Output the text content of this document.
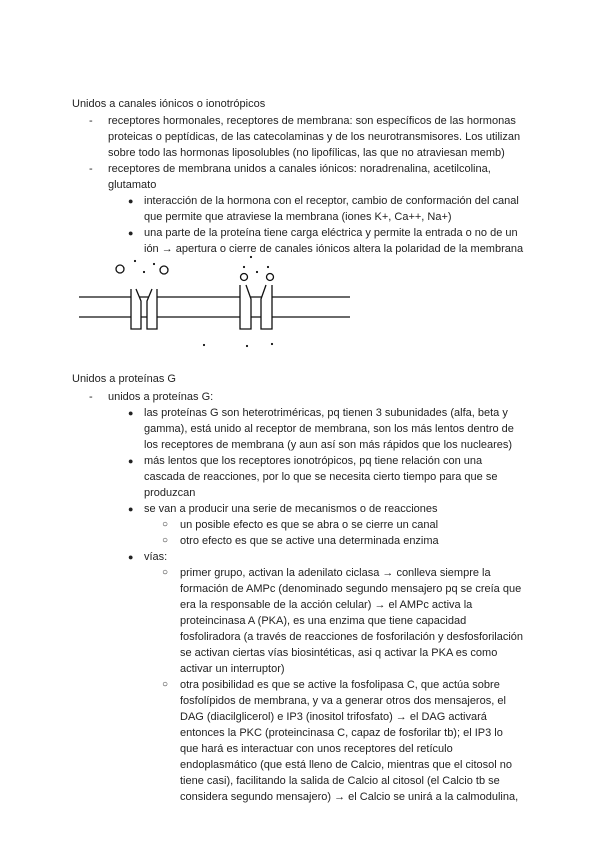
Unidos a canales iónicos o ionotrópicos
- receptores hormonales, receptores de membrana: son específicos de las hormonas
proteicas o peptídicas, de las catecolaminas y de los neurotransmisores. Los utilizan
sobre todo las hormonas liposolubles (no lipofílicas, las que no atraviesan memb)
- receptores de membrana unidos a canales iónicos: noradrenalina, acetilcolina,
glutamato
● interacción de la hormona con el receptor, cambio de conformación del canal
que permite que atraviese la membrana (iones K+, Ca++, Na+)
● una parte de la proteína tiene carga eléctrica y permite la entrada o no de un
ión → apertura o cierre de canales iónicos altera la polaridad de la membrana
Unidos a proteínas G
- unidos a proteínas G:
● las proteínas G son heterotriméricas, pq tienen 3 subunidades (alfa, beta y
gamma), está unido al receptor de membrana, son los más lentos dentro de
los receptores de membrana (y aun así son más rápidos que los nucleares)
● más lentos que los receptores ionotrópicos, pq tiene relación con una
cascada de reacciones, por lo que se necesita cierto tiempo para que se
produzcan
● se van a producir una serie de mecanismos o de reacciones
○ un posible efecto es que se abra o se cierre un canal
○ otro efecto es que se active una determinada enzima
● vías:
○ primer grupo, activan la adenilato ciclasa → conlleva siempre la
formación de AMPc (denominado segundo mensajero pq se creía que
era la responsable de la acción celular) → el AMPc activa la
proteincinasa A (PKA), es una enzima que tiene capacidad
fosfoliradora (a través de reacciones de fosforilación y desfosforilación
se activan ciertas vías biosintéticas, asi q activar la PKA es como
activar un interruptor)
○ otra posibilidad es que se active la fosfolipasa C, que actúa sobre
fosfolípidos de membrana, y va a generar otros dos mensajeros, el
DAG (diacilglicerol) e IP3 (inositol trifosfato) → el DAG activará
entonces la PKC (proteincinasa C, capaz de fosforilar tb); el IP3 lo
que hará es interactuar con unos receptores del retículo
endoplasmático (que está lleno de Calcio, mientras que el citosol no
tiene casi), facilitando la salida de Calcio al citosol (el Calcio tb se
considera segundo mensajero) → el Calcio se unirá a la calmodulina,
